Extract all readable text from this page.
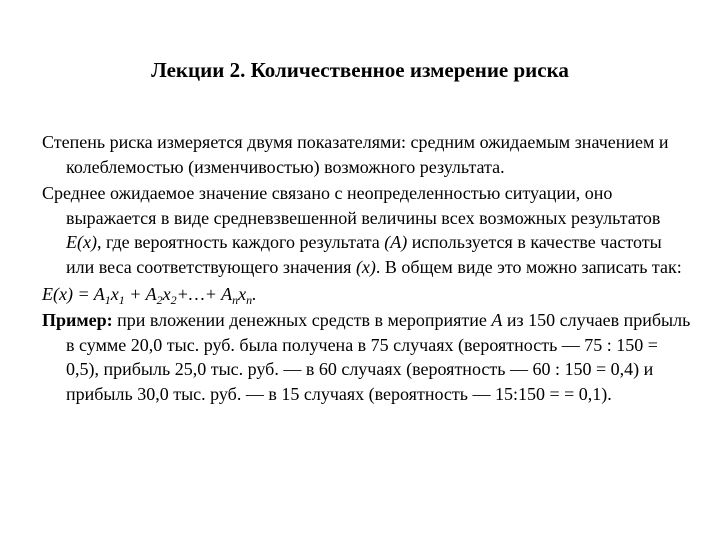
Лекции 2. Количественное измерение риска

Степень риска измеряется двумя показателями: средним ожидаемым значением и колеблемостью (изменчивостью) возможного результата.

Среднее ожидаемое значение связано с неопределенностью ситуации, оно выражается в виде средневзвешенной величины всех возможных результатов E(x), где вероятность каждого результата (А) используется в качестве частоты или веса соответствующего значения (x). В общем виде это можно записать так:

$E(x) = A_1x_1$ + $A_2x_2+\dots+ A_nx_n$.

Пример: при вложении денежных средств в мероприятие А из 150 случаев прибыль в сумме 20,0 тыс. руб. была получена в 75 случаях (вероятность — 75 : 150 = 0,5), прибыль 25,0 тыс. руб. — в 60 случаях (вероятность — 60 : 150 = 0,4) и прибыль 30,0 тыс. руб. — в 15 случаях (вероятность — 15:150 = = 0,1).
